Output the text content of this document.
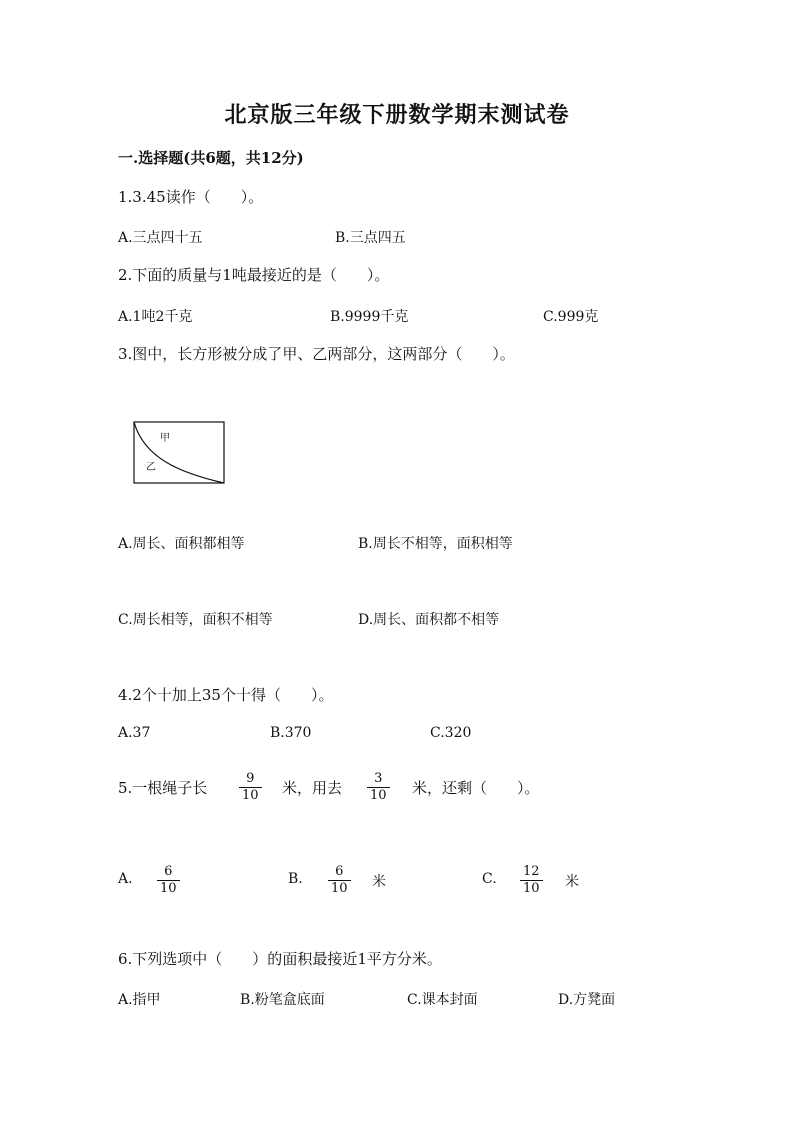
北京版三年级下册数学期末测试卷
一.选择题(共6题，共12分)
1.3.45读作（　　）。
A.三点四十五	B.三点四五
2.下面的质量与1吨最接近的是（　　）。
A.1吨2千克	B.9999千克	C.999克
3.图中，长方形被分成了甲、乙两部分，这两部分（　　）。
甲
乙
A.周长、面积都相等	B.周长不相等，面积相等
C.周长相等，面积不相等	D.周长、面积都不相等
4.2个十加上35个十得（　　）。
A.37	B.370	C.320
5.一根绳子长
9
10 米，用去
3
10 米，还剩（　　）。
A. 6
10
B. 6
10 米	C. 12
10 米
6.下列选项中（　　）的面积最接近1平方分米。
A.指甲	B.粉笔盒底面	C.课本封面	D.方凳面
